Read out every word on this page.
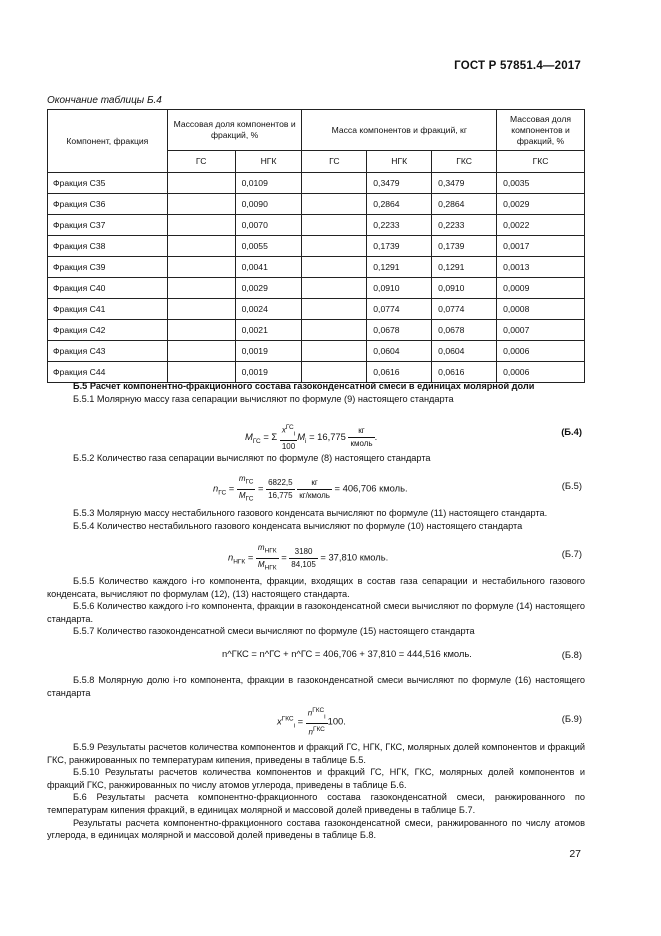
ГОСТ Р 57851.4—2017
Окончание таблицы Б.4
Компонент, фракция	Массовая доля компонентов и фракций, %		Масса компонентов и фракций, кг			Массовая доля компонентов и фракций, %
	ГС	НГК	ГС	НГК	ГКС	ГКС
Фракция С35		0,0109		0,3479	0,3479	0,0035
Фракция С36		0,0090		0,2864	0,2864	0,0029
Фракция С37		0,0070		0,2233	0,2233	0,0022
Фракция С38		0,0055		0,1739	0,1739	0,0017
Фракция С39		0,0041		0,1291	0,1291	0,0013
Фракция С40		0,0029		0,0910	0,0910	0,0009
Фракция С41		0,0024		0,0774	0,0774	0,0008
Фракция С42		0,0021		0,0678	0,0678	0,0007
Фракция С43		0,0019		0,0604	0,0604	0,0006
Фракция С44		0,0019		0,0616	0,0616	0,0006

Б.5 Расчет компонентно-фракционного состава газоконденсатной смеси в единицах молярной доли

Б.5.1 Молярную массу газа сепарации вычисляют по формуле (9) настоящего стандарта

$M_{ГС} = \Sigma \frac{x^{ГС}_i}{100} M_i = 16,775 \frac{кг}{\text{кмоль}}$ .	(Б.4)

Б.5.2 Количество газа сепарации вычисляют по формуле (8) настоящего стандарта

$n_{ГС} = \frac{m_{ГС}}{M_{ГС}} = \frac{6822,5}{16,775}$
$\frac{кг}{\text{кг/кмоль}} = 406,706$ кмоль.	(Б.5)

Б.5.3 Молярную массу нестабильного газового конденсата вычисляют по формуле (11) настоящего стандарта.

Б.5.4 Количество нестабильного газового конденсата вычисляют по формуле (10) настоящего стандарта

$n_{НГК} = \frac{m_{НГК}}{M_{НГК}} = \frac{3180}{84,105} = 37,810$ кмоль.	(Б.7)

Б.5.5 Количество каждого i-го компонента, фракции, входящих в состав газа сепарации и нестабильного газового конденсата, вычисляют по формулам (12), (13) настоящего стандарта.

Б.5.6 Количество каждого i-го компонента, фракции в газоконденсатной смеси вычисляют по формуле (14) настоящего стандарта.

Б.5.7 Количество газоконденсатной смеси вычисляют по формуле (15) настоящего стандарта

n^ГКС = n^ГС + n^ГС = 406,706 + 37,810 = 444,516 кмоль.	(Б.8)

Б.5.8 Молярную долю i-го компонента, фракции в газоконденсатной смеси вычисляют по формуле (16) настоящего стандарта

$x^{ГКС}_i = \frac{n^{ГКС}_i}{n^{ГКС}} 100$.	(Б.9)

Б.5.9 Результаты расчетов количества компонентов и фракций ГС, НГК, ГКС, молярных долей компонентов и фракций ГКС, ранжированных по температурам кипения, приведены в таблице Б.5.

Б.5.10 Результаты расчетов количества компонентов и фракций ГС, НГК, ГКС, молярных долей компонентов и фракций ГКС, ранжированных по числу атомов углерода, приведены в таблице Б.6.

Б.6 Результаты расчета компонентно-фракционного состава газоконденсатной смеси, ранжированного по температурам кипения фракций, в единицах молярной и массовой долей приведены в таблице Б.7.

Результаты расчета компонентно-фракционного состава газоконденсатной смеси, ранжированного по числу атомов углерода, в единицах молярной и массовой долей приведены в таблице Б.8.

27
